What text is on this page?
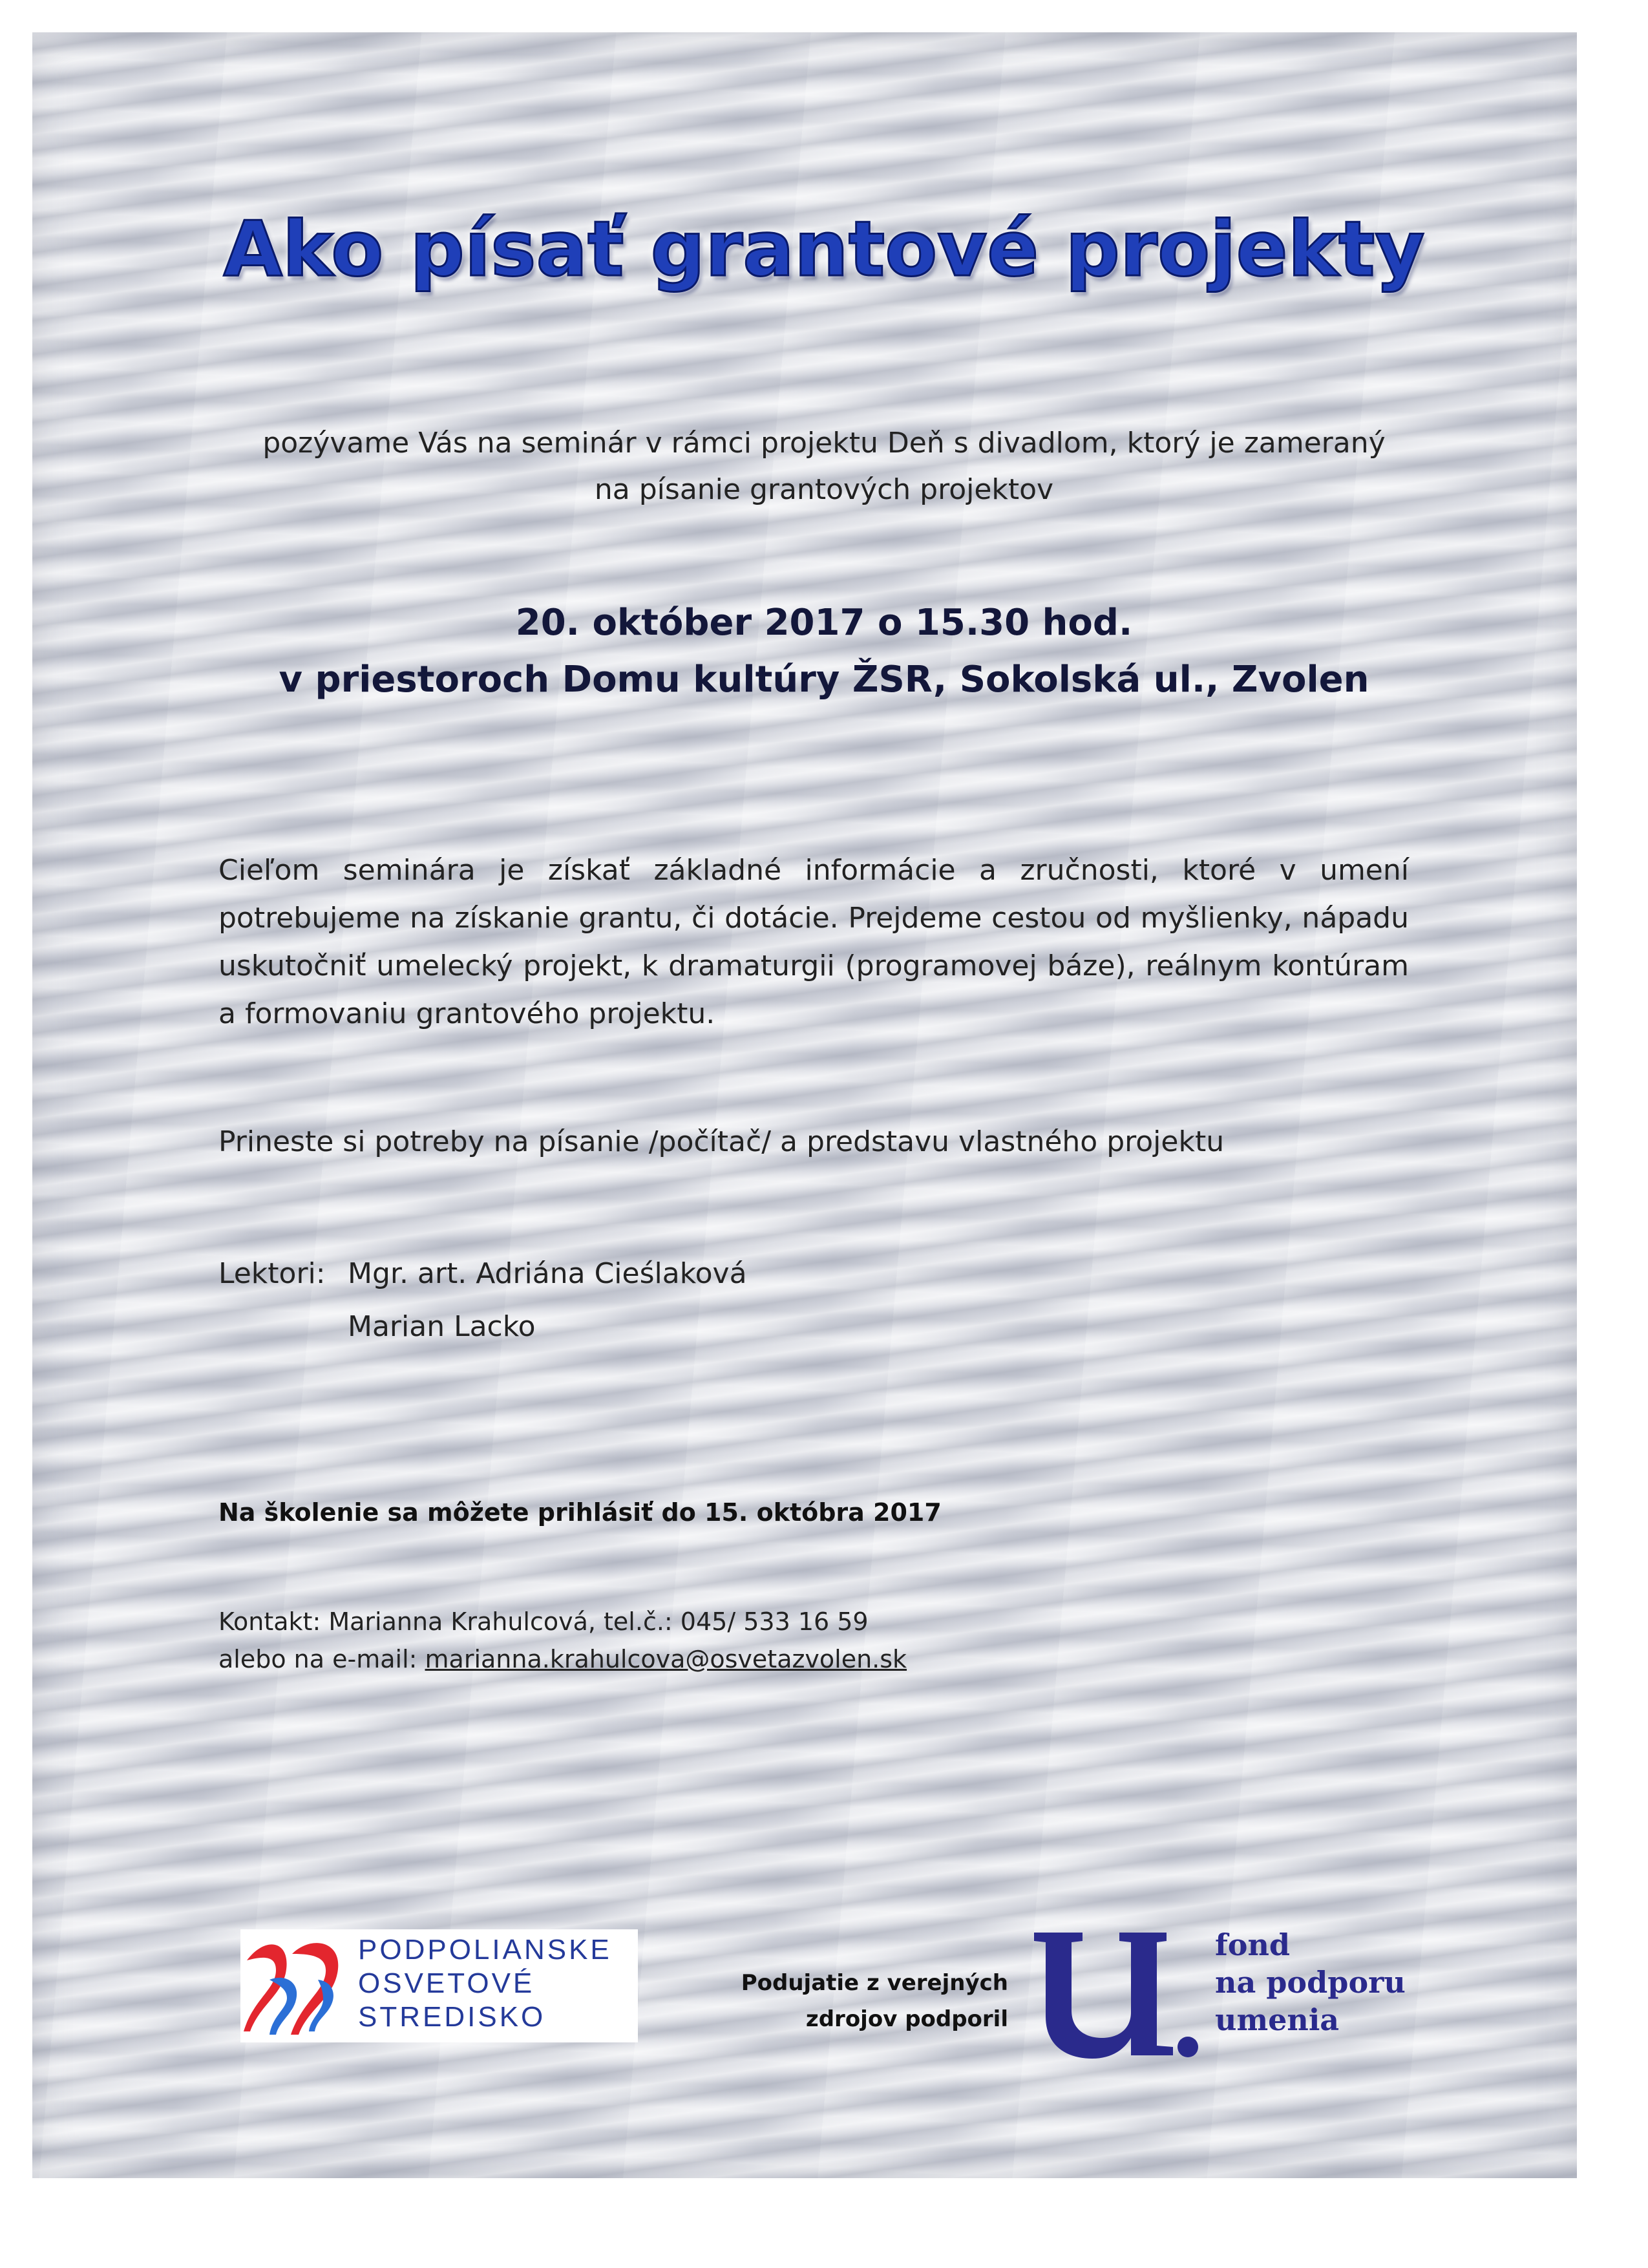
Ako písať grantové projekty
pozývame Vás na seminár v rámci projektu Deň s divadlom, ktorý je zameraný
na písanie grantových projektov
20. október 2017 o 15.30 hod.
v priestoroch Domu kultúry ŽSR, Sokolská ul., Zvolen
Cieľom seminára je získať základné informácie a zručnosti, ktoré v umení potrebujeme na získanie grantu, či dotácie. Prejdeme cestou od myšlienky, nápadu uskutočniť umelecký projekt, k dramaturgii (programovej báze), reálnym kontúram a formovaniu grantového projektu.
Prineste si potreby na písanie /počítač/ a predstavu vlastného projektu
Lektori: Mgr. art. Adriána Cieślaková
Marian Lacko
Na školenie sa môžete prihlásiť do 15. októbra 2017
Kontakt: Marianna Krahulcová, tel.č.: 045/ 533 16 59
alebo na e-mail: marianna.krahulcova@osvetazvolen.sk
PODPOLIANSKE
OSVETOVÉ
STREDISKO
Podujatie z verejných
zdrojov podporil
fond
na podporu
umenia
